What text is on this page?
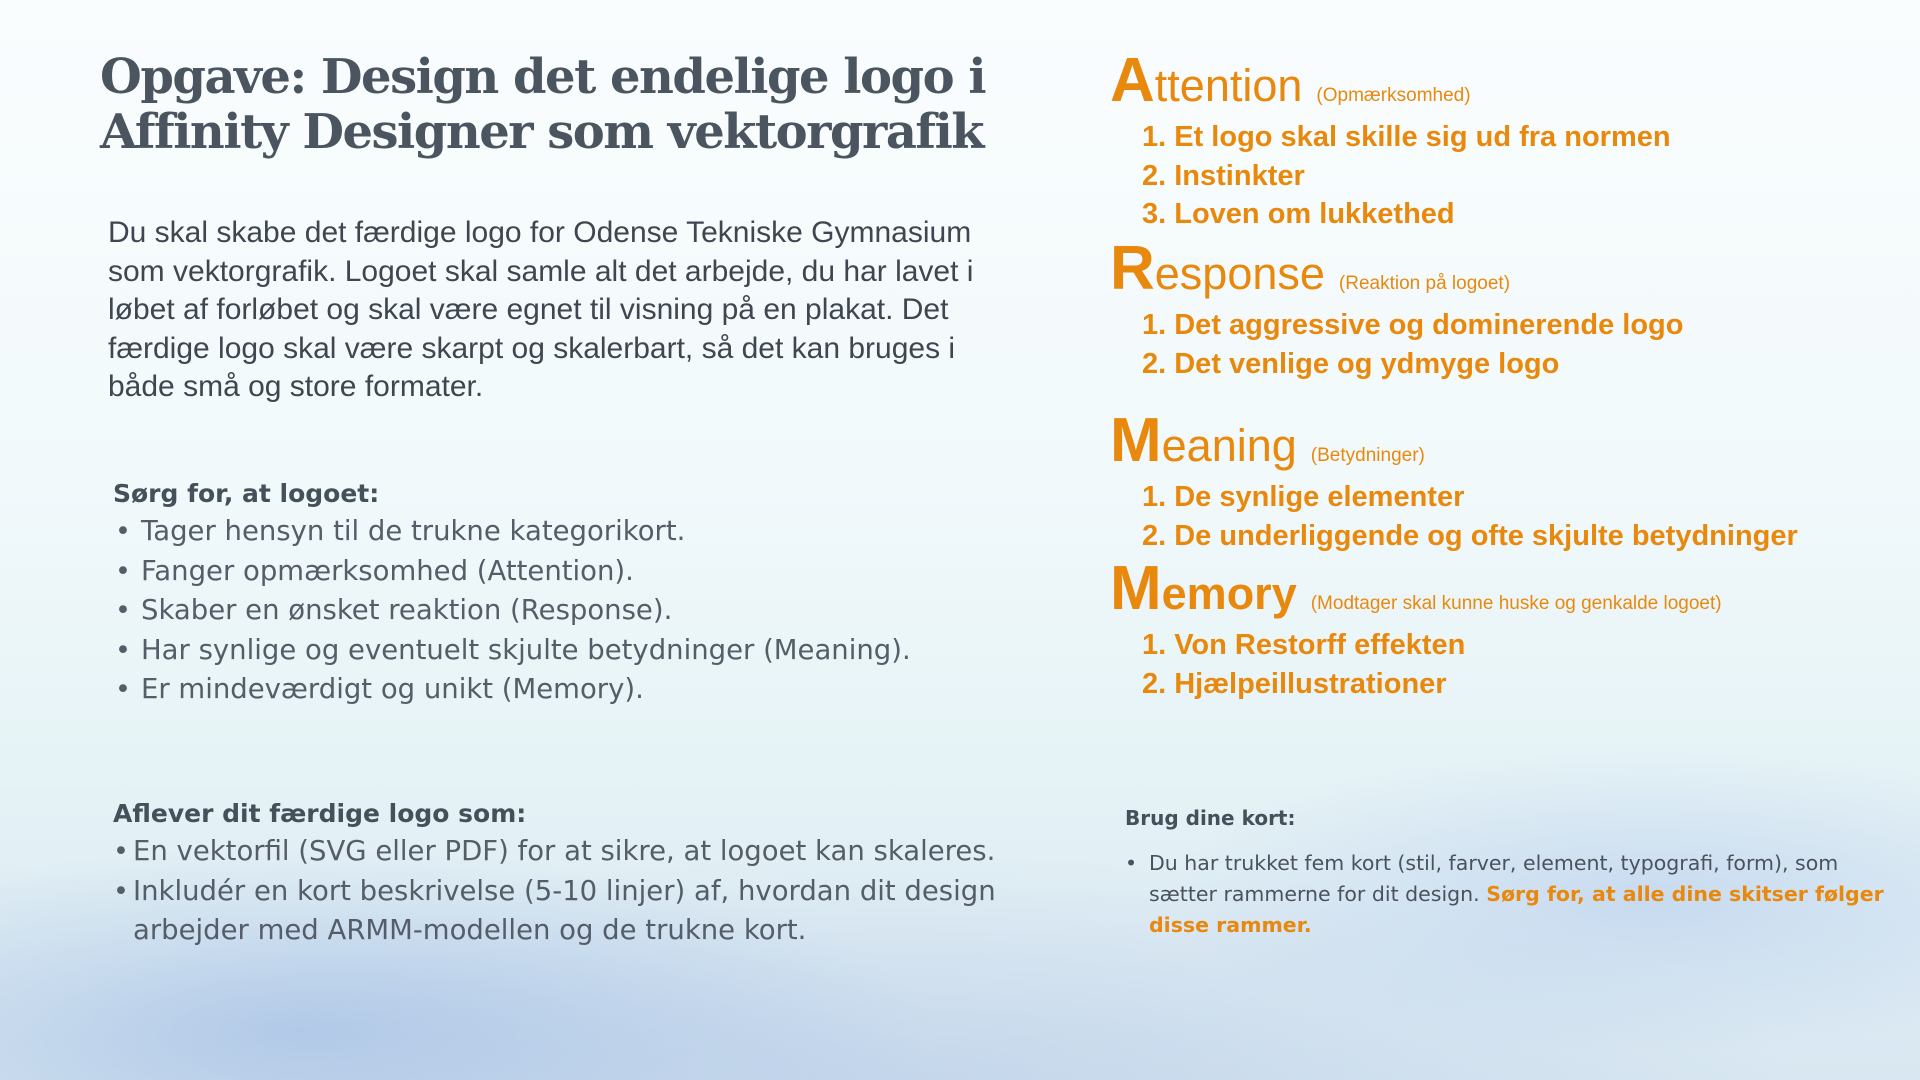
Opgave: Design det endelige logo i Affinity Designer som vektorgrafik

Du skal skabe det færdige logo for Odense Tekniske Gymnasium som vektorgrafik. Logoet skal samle alt det arbejde, du har lavet i løbet af forløbet og skal være egnet til visning på en plakat. Det færdige logo skal være skarpt og skalerbart, så det kan bruges i både små og store formater.

Sørg for, at logoet:
• Tager hensyn til de trukne kategorikort.
• Fanger opmærksomhed (Attention).
• Skaber en ønsket reaktion (Response).
• Har synlige og eventuelt skjulte betydninger (Meaning).
• Er mindeværdigt og unikt (Memory).
Aflever dit færdige logo som:
• En vektorfil (SVG eller PDF) for at sikre, at logoet kan skaleres.
• Inkludér en kort beskrivelse (5-10 linjer) af, hvordan dit design arbejder med ARMM-modellen og de trukne kort.
A ttention (Opmærksomhed)
1. Et logo skal skille sig ud fra normen
2. Instinkter
3. Loven om lukkethed
R esponse (Reaktion på logoet)
1. Det aggressive og dominerende logo
2. Det venlige og ydmyge logo
M eaning (Betydninger)
1. De synlige elementer
2. De underliggende og ofte skjulte betydninger
M emory (Modtager skal kunne huske og genkalde logoet)
1. Von Restorff effekten
2. Hjælpeillustrationer
Brug dine kort:
• Du har trukket fem kort (stil, farver, element, typografi, form), som sætter rammerne for dit design. Sørg for, at alle dine skitser følger disse rammer.
